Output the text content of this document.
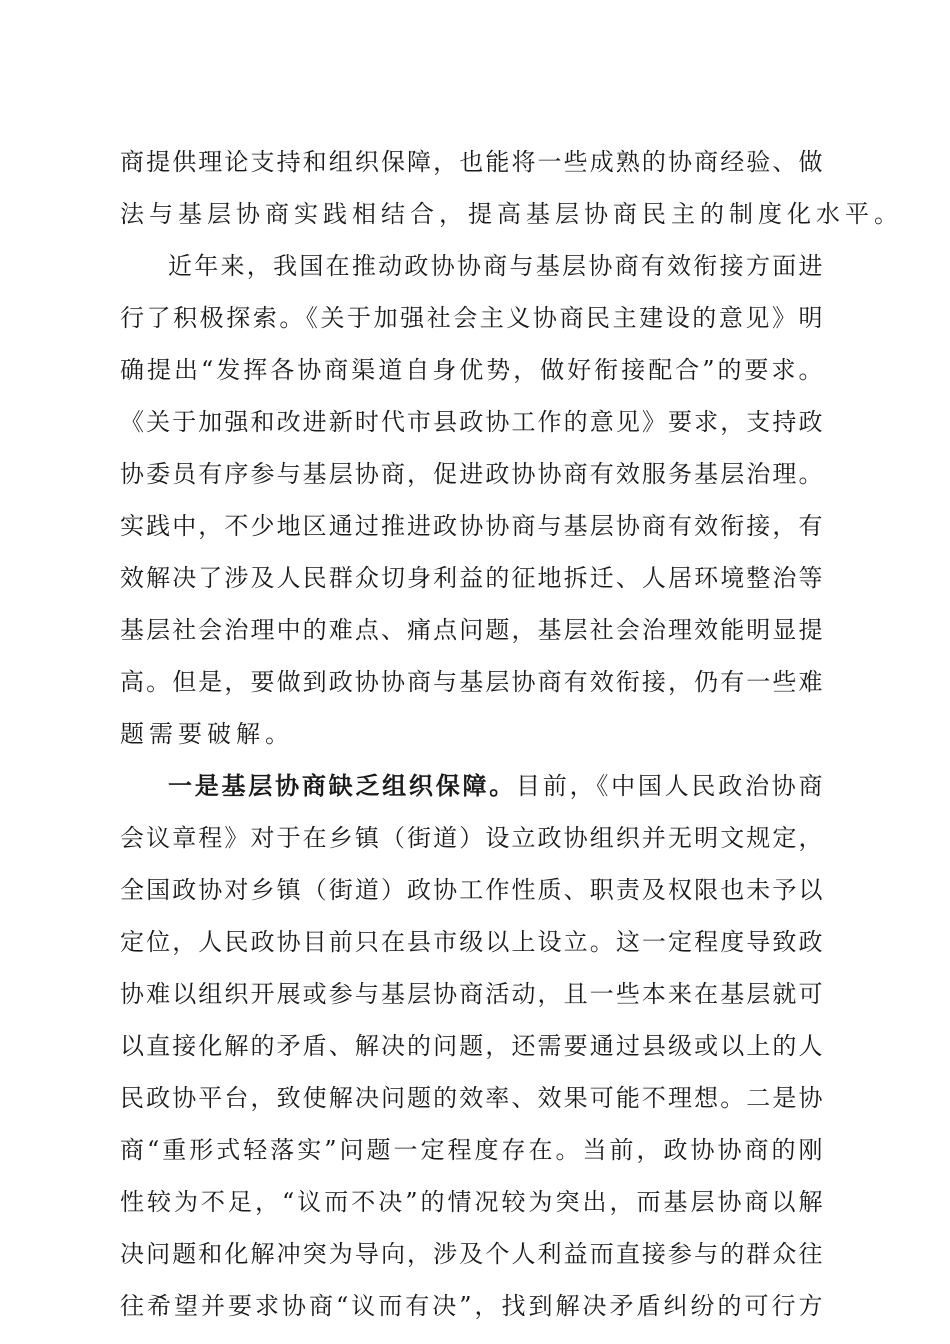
商提供理论支持和组织保障，也能将一些成熟的协商经验、做
法与基层协商实践相结合，提高基层协商民主的制度化水平。
近年来，我国在推动政协协商与基层协商有效衔接方面进
行了积极探索。《关于加强社会主义协商民主建设的意见》明
确提出“发挥各协商渠道自身优势，做好衔接配合”的要求。
《关于加强和改进新时代市县政协工作的意见》要求，支持政
协委员有序参与基层协商，促进政协协商有效服务基层治理。
实践中，不少地区通过推进政协协商与基层协商有效衔接，有
效解决了涉及人民群众切身利益的征地拆迁、人居环境整治等
基层社会治理中的难点、痛点问题，基层社会治理效能明显提
高。但是，要做到政协协商与基层协商有效衔接，仍有一些难
题需要破解。
一是基层协商缺乏组织保障。目前，《中国人民政治协商
会议章程》对于在乡镇（街道）设立政协组织并无明文规定，
全国政协对乡镇（街道）政协工作性质、职责及权限也未予以
定位，人民政协目前只在县市级以上设立。这一定程度导致政
协难以组织开展或参与基层协商活动，且一些本来在基层就可
以直接化解的矛盾、解决的问题，还需要通过县级或以上的人
民政协平台，致使解决问题的效率、效果可能不理想。二是协
商“重形式轻落实”问题一定程度存在。当前，政协协商的刚
性较为不足，“议而不决”的情况较为突出，而基层协商以解
决问题和化解冲突为导向，涉及个人利益而直接参与的群众往
往希望并要求协商“议而有决”，找到解决矛盾纠纷的可行方
